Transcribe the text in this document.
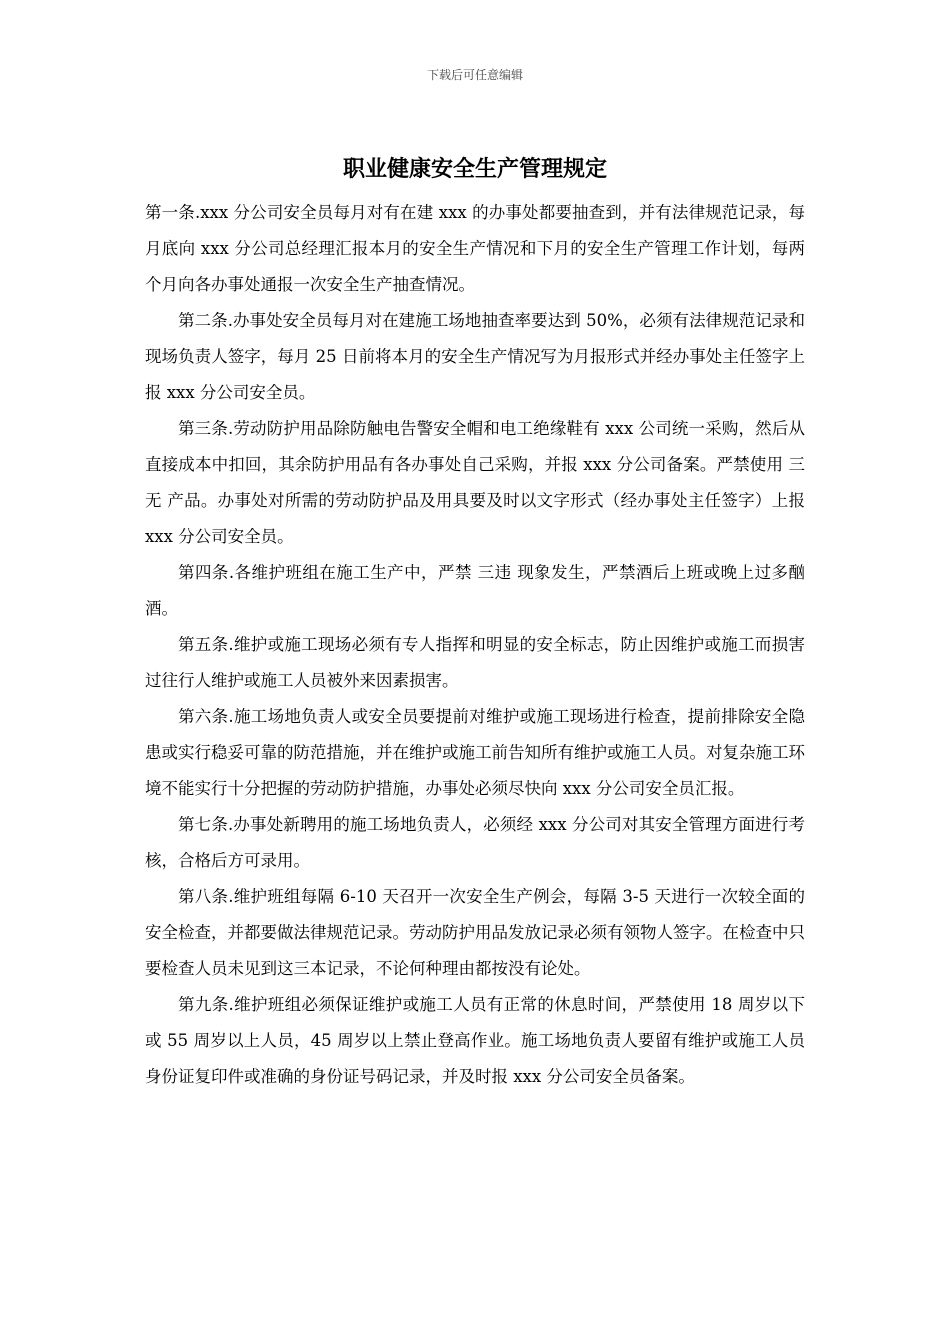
下载后可任意编辑
职业健康安全生产管理规定

第一条.xxx 分公司安全员每月对有在建 xxx 的办事处都要抽查到，并有法律规范记录，每月底向 xxx 分公司总经理汇报本月的安全生产情况和下月的安全生产管理工作计划，每两个月向各办事处通报一次安全生产抽查情况。

第二条.办事处安全员每月对在建施工场地抽查率要达到 50%，必须有法律规范记录和现场负责人签字，每月 25 日前将本月的安全生产情况写为月报形式并经办事处主任签字上报 xxx 分公司安全员。

第三条.劳动防护用品除防触电告警安全帽和电工绝缘鞋有 xxx 公司统一采购，然后从直接成本中扣回，其余防护用品有各办事处自己采购，并报 xxx 分公司备案。严禁使用 三无 产品。办事处对所需的劳动防护品及用具要及时以文字形式（经办事处主任签字）上报 xxx 分公司安全员。

第四条.各维护班组在施工生产中，严禁 三违 现象发生，严禁酒后上班或晚上过多酗酒。

第五条.维护或施工现场必须有专人指挥和明显的安全标志，防止因维护或施工而损害过往行人维护或施工人员被外来因素损害。

第六条.施工场地负责人或安全员要提前对维护或施工现场进行检查，提前排除安全隐患或实行稳妥可靠的防范措施，并在维护或施工前告知所有维护或施工人员。对复杂施工环境不能实行十分把握的劳动防护措施，办事处必须尽快向 xxx 分公司安全员汇报。

第七条.办事处新聘用的施工场地负责人，必须经 xxx 分公司对其安全管理方面进行考核，合格后方可录用。

第八条.维护班组每隔 6-10 天召开一次安全生产例会，每隔 3-5 天进行一次较全面的安全检查，并都要做法律规范记录。劳动防护用品发放记录必须有领物人签字。在检查中只要检查人员未见到这三本记录，不论何种理由都按没有论处。

第九条.维护班组必须保证维护或施工人员有正常的休息时间，严禁使用 18 周岁以下或 55 周岁以上人员，45 周岁以上禁止登高作业。施工场地负责人要留有维护或施工人员身份证复印件或准确的身份证号码记录，并及时报 xxx 分公司安全员备案。
